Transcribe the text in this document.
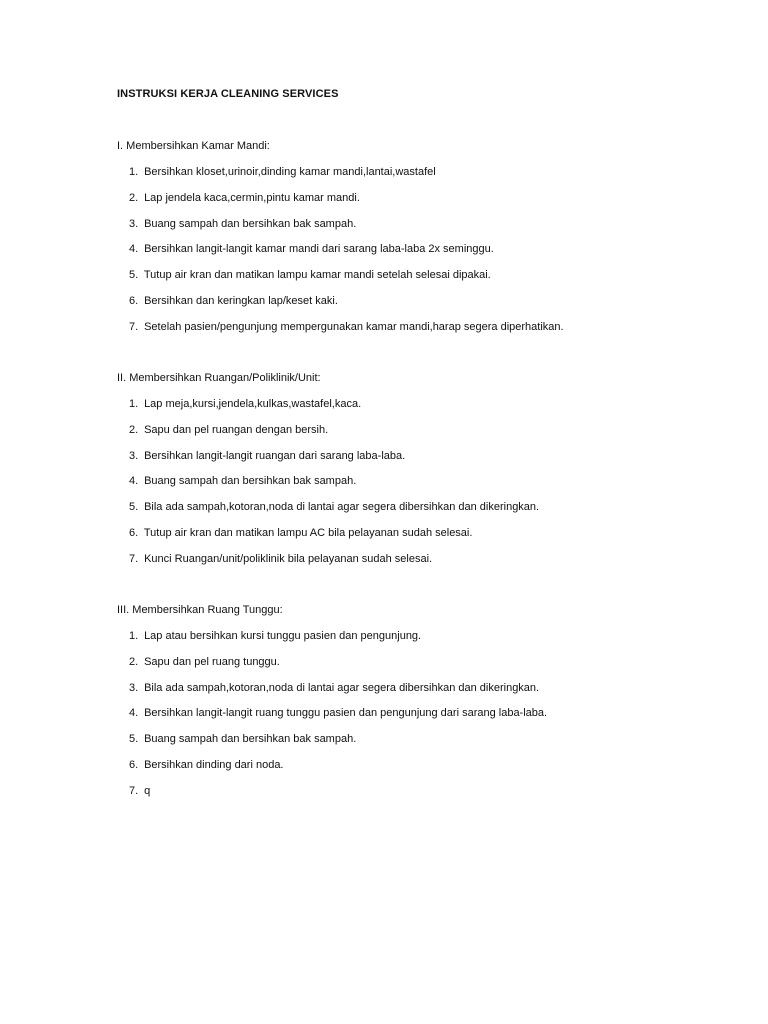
INSTRUKSI KERJA CLEANING SERVICES
I. Membersihkan Kamar Mandi:
1. Bersihkan kloset,urinoir,dinding kamar mandi,lantai,wastafel
2. Lap jendela kaca,cermin,pintu kamar mandi.
3. Buang sampah dan bersihkan bak sampah.
4. Bersihkan langit-langit kamar mandi dari sarang laba-laba 2x seminggu.
5. Tutup air kran dan matikan lampu kamar mandi setelah selesai dipakai.
6. Bersihkan dan keringkan lap/keset kaki.
7. Setelah pasien/pengunjung mempergunakan kamar mandi,harap segera diperhatikan.
II. Membersihkan Ruangan/Poliklinik/Unit:
1. Lap meja,kursi,jendela,kulkas,wastafel,kaca.
2. Sapu dan pel ruangan dengan bersih.
3. Bersihkan langit-langit ruangan dari sarang laba-laba.
4. Buang sampah dan bersihkan bak sampah.
5. Bila ada sampah,kotoran,noda di lantai agar segera dibersihkan dan dikeringkan.
6. Tutup air kran dan matikan lampu AC bila pelayanan sudah selesai.
7. Kunci Ruangan/unit/poliklinik bila pelayanan sudah selesai.
III. Membersihkan Ruang Tunggu:
1. Lap atau bersihkan kursi tunggu pasien dan pengunjung.
2. Sapu dan pel ruang tunggu.
3. Bila ada sampah,kotoran,noda di lantai agar segera dibersihkan dan dikeringkan.
4. Bersihkan langit-langit ruang tunggu pasien dan pengunjung dari sarang laba-laba.
5. Buang sampah dan bersihkan bak sampah.
6. Bersihkan dinding dari noda.
7. q
